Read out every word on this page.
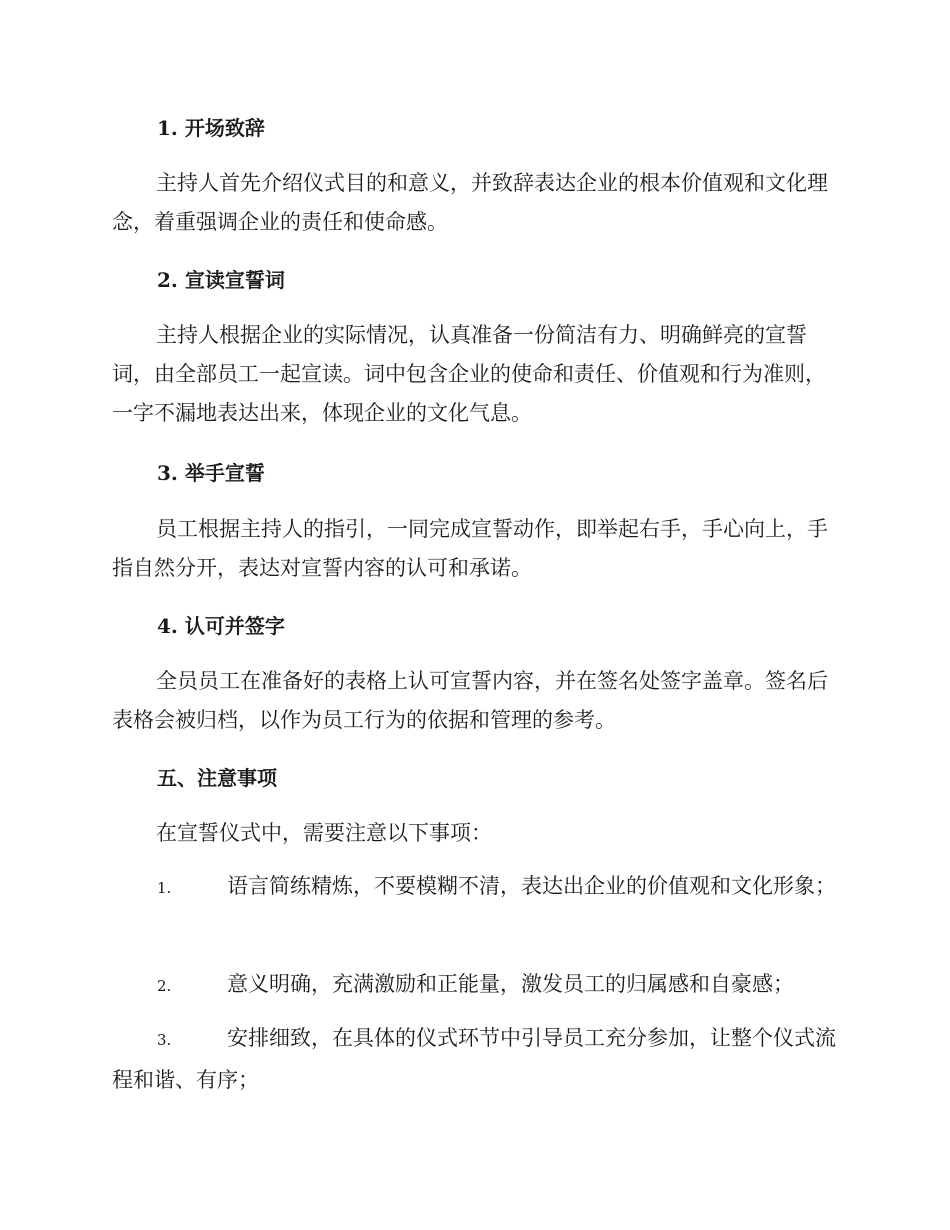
1. 开场致辞

主持人首先介绍仪式目的和意义，并致辞表达企业的根本价值观和文化理念，着重强调企业的责任和使命感。

2. 宣读宣誓词

主持人根据企业的实际情况，认真准备一份简洁有力、明确鲜亮的宣誓词，由全部员工一起宣读。词中包含企业的使命和责任、价值观和行为准则，一字不漏地表达出来，体现企业的文化气息。

3. 举手宣誓

员工根据主持人的指引，一同完成宣誓动作，即举起右手，手心向上，手指自然分开，表达对宣誓内容的认可和承诺。

4. 认可并签字

全员员工在准备好的表格上认可宣誓内容，并在签名处签字盖章。签名后表格会被归档，以作为员工行为的依据和管理的参考。

五、注意事项

在宣誓仪式中，需要注意以下事项：

1.	语言简练精炼，不要模糊不清，表达出企业的价值观和文化形象；

2.	意义明确，充满激励和正能量，激发员工的归属感和自豪感；

3.	安排细致，在具体的仪式环节中引导员工充分参加，让整个仪式流程和谐、有序；
